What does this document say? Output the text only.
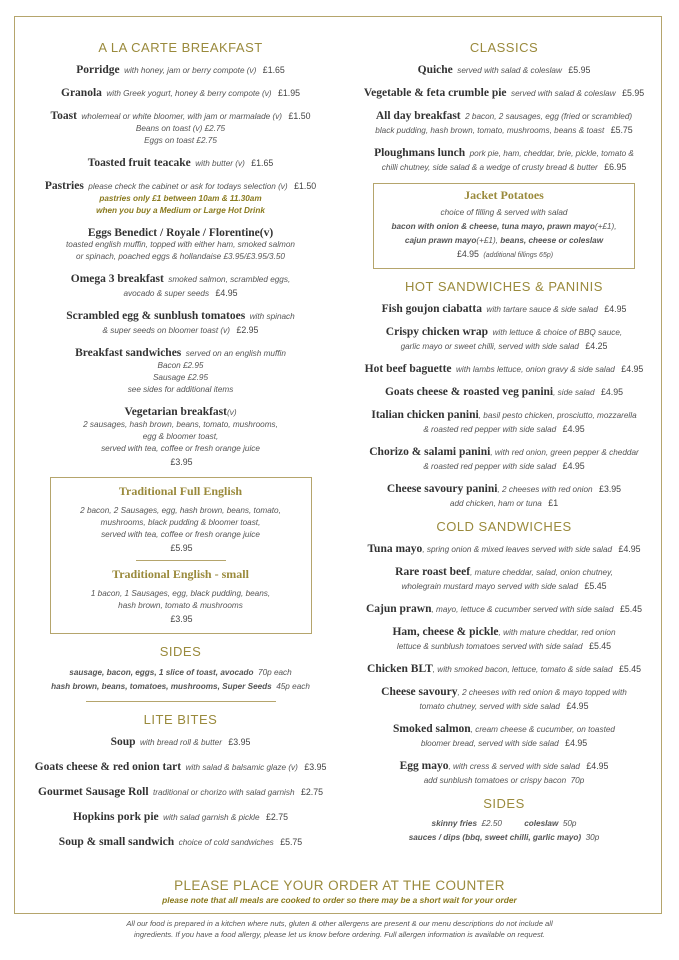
A LA CARTE BREAKFAST
Porridge with honey, jam or berry compote (v) £1.65
Granola with Greek yogurt, honey & berry compote (v) £1.95
Toast wholemeal or white bloomer, with jam or marmalade (v) £1.50
Beans on toast (v) £2.75
Eggs on toast £2.75
Toasted fruit teacake with butter (v) £1.65
Pastries please check the cabinet or ask for todays selection (v) £1.50
pastries only £1 between 10am & 11.30am
when you buy a Medium or Large Hot Drink
Eggs Benedict / Royale / Florentine(v)
toasted english muffin, topped with either ham, smoked salmon
or spinach, poached eggs & hollandaise £3.95/£3.95/3.50
Omega 3 breakfast smoked salmon, scrambled eggs,
avocado & super seeds £4.95
Scrambled egg & sunblush tomatoes with spinach
& super seeds on bloomer toast (v) £2.95
Breakfast sandwiches served on an english muffin
Bacon £2.95
Sausage £2.95
see sides for additional items
Vegetarian breakfast(v)
2 sausages, hash brown, beans, tomato, mushrooms,
egg & bloomer toast,
served with tea, coffee or fresh orange juice
£3.95
Traditional Full English
2 bacon, 2 Sausages, egg, hash brown, beans, tomato,
mushrooms, black pudding & bloomer toast,
served with tea, coffee or fresh orange juice
£5.95
Traditional English - small
1 bacon, 1 Sausages, egg, black pudding, beans,
hash brown, tomato & mushrooms
£3.95
SIDES
sausage, bacon, eggs, 1 slice of toast, avocado 70p each
hash brown, beans, tomatoes, mushrooms, Super Seeds 45p each
LITE BITES
Soup with bread roll & butter £3.95
Goats cheese & red onion tart with salad & balsamic glaze (v) £3.95
Gourmet Sausage Roll traditional or chorizo with salad garnish £2.75
Hopkins pork pie with salad garnish & pickle £2.75
Soup & small sandwich choice of cold sandwiches £5.75
CLASSICS
Quiche served with salad & coleslaw £5.95
Vegetable & feta crumble pie served with salad & coleslaw £5.95
All day breakfast 2 bacon, 2 sausages, egg (fried or scrambled)
black pudding, hash brown, tomato, mushrooms, beans & toast £5.75
Ploughmans lunch pork pie, ham, cheddar, brie, pickle, tomato &
chilli chutney, side salad & a wedge of crusty bread & butter £6.95
Jacket Potatoes
choice of filling & served with salad
bacon with onion & cheese, tuna mayo, prawn mayo(+£1),
cajun prawn mayo(+£1), beans, cheese or coleslaw
£4.95 (additional fillings 65p)
HOT SANDWICHES & PANINIS
Fish goujon ciabatta with tartare sauce & side salad £4.95
Crispy chicken wrap with lettuce & choice of BBQ sauce,
garlic mayo or sweet chilli, served with side salad £4.25
Hot beef baguette with lambs lettuce, onion gravy & side salad £4.95
Goats cheese & roasted veg panini, side salad £4.95
Italian chicken panini, basil pesto chicken, prosciutto, mozzarella
& roasted red pepper with side salad £4.95
Chorizo & salami panini, with red onion, green pepper & cheddar
& roasted red pepper with side salad £4.95
Cheese savoury panini, 2 cheeses with red onion £3.95
add chicken, ham or tuna £1
COLD SANDWICHES
Tuna mayo, spring onion & mixed leaves served with side salad £4.95
Rare roast beef, mature cheddar, salad, onion chutney,
wholegrain mustard mayo served with side salad £5.45
Cajun prawn, mayo, lettuce & cucumber served with side salad £5.45
Ham, cheese & pickle, with mature cheddar, red onion
lettuce & sunblush tomatoes served with side salad £5.45
Chicken BLT, with smoked bacon, lettuce, tomato & side salad £5.45
Cheese savoury, 2 cheeses with red onion & mayo topped with
tomato chutney, served with side salad £4.95
Smoked salmon, cream cheese & cucumber, on toasted
bloomer bread, served with side salad £4.95
Egg mayo, with cress & served with side salad £4.95
add sunblush tomatoes or crispy bacon 70p
SIDES
skinny fries £2.50	coleslaw 50p
sauces / dips (bbq, sweet chilli, garlic mayo) 30p
PLEASE PLACE YOUR ORDER AT THE COUNTER
please note that all meals are cooked to order so there may be a short wait for your order
All our food is prepared in a kitchen where nuts, gluten & other allergens are present & our menu descriptions do not include all
ingredients. If you have a food allergy, please let us know before ordering. Full allergen information is available on request.
